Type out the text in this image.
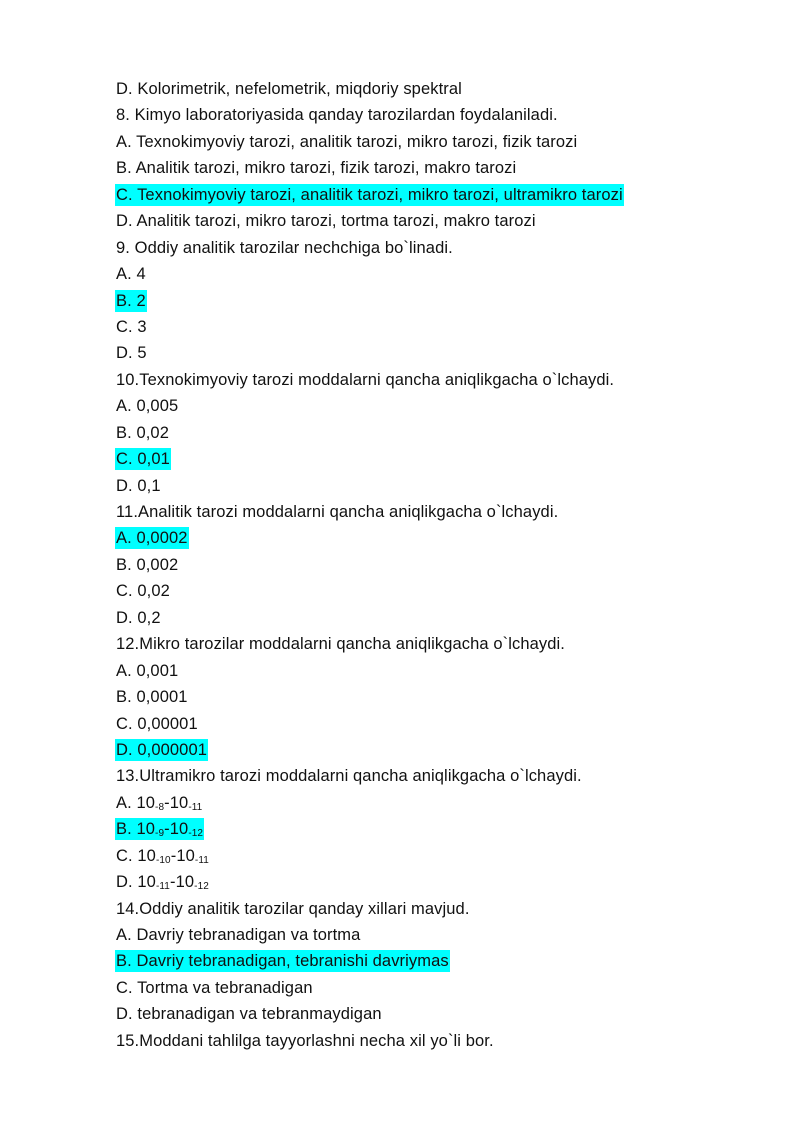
D. Kolorimetrik, nefelometrik, miqdoriy spektral
8. Kimyo laboratoriyasida qanday tarozilardan foydalaniladi.
A. Texnokimyoviy tarozi, analitik tarozi, mikro tarozi, fizik tarozi
B. Analitik tarozi, mikro tarozi, fizik tarozi, makro tarozi
C. Texnokimyoviy tarozi, analitik tarozi, mikro tarozi, ultramikro tarozi
D. Analitik tarozi, mikro tarozi, tortma tarozi, makro tarozi
9. Oddiy analitik tarozilar nechchiga bo`linadi.
A. 4
B. 2
C. 3
D. 5
10.Texnokimyoviy tarozi moddalarni qancha aniqlikgacha o`lchaydi.
A. 0,005
B. 0,02
C. 0,01
D. 0,1
11.Analitik tarozi moddalarni qancha aniqlikgacha o`lchaydi.
A. 0,0002
B. 0,002
C. 0,02
D. 0,2
12.Mikro tarozilar moddalarni qancha aniqlikgacha o`lchaydi.
A. 0,001
B. 0,0001
C. 0,00001
D. 0,000001
13.Ultramikro tarozi moddalarni qancha aniqlikgacha o`lchaydi.
A. $10_{-8}-10_{-11}$
B. $10_{-9}-10_{-12}$
C. $10_{-10}-10_{-11}$
D. $10_{-11}-10_{-12}$
14.Oddiy analitik tarozilar qanday xillari mavjud.
A. Davriy tebranadigan va tortma
B. Davriy tebranadigan, tebranishi davriymas
C. Tortma va tebranadigan
D. tebranadigan va tebranmaydigan
15.Moddani tahlilga tayyorlashni necha xil yo`li bor.
